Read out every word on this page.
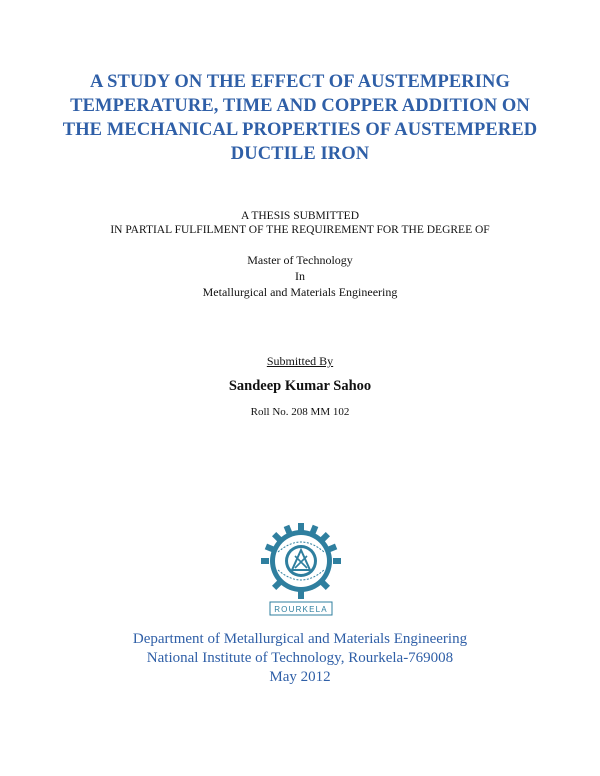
A STUDY ON THE EFFECT OF AUSTEMPERING
TEMPERATURE, TIME AND COPPER ADDITION ON
THE MECHANICAL PROPERTIES OF AUSTEMPERED
DUCTILE IRON
A THESIS SUBMITTED
IN PARTIAL FULFILMENT OF THE REQUIREMENT FOR THE DEGREE OF
Master of Technology
In
Metallurgical and Materials Engineering
Submitted By
Sandeep Kumar Sahoo
Roll No. 208 MM 102
ROURKELA
Department of Metallurgical and Materials Engineering
National Institute of Technology, Rourkela-769008
May 2012
